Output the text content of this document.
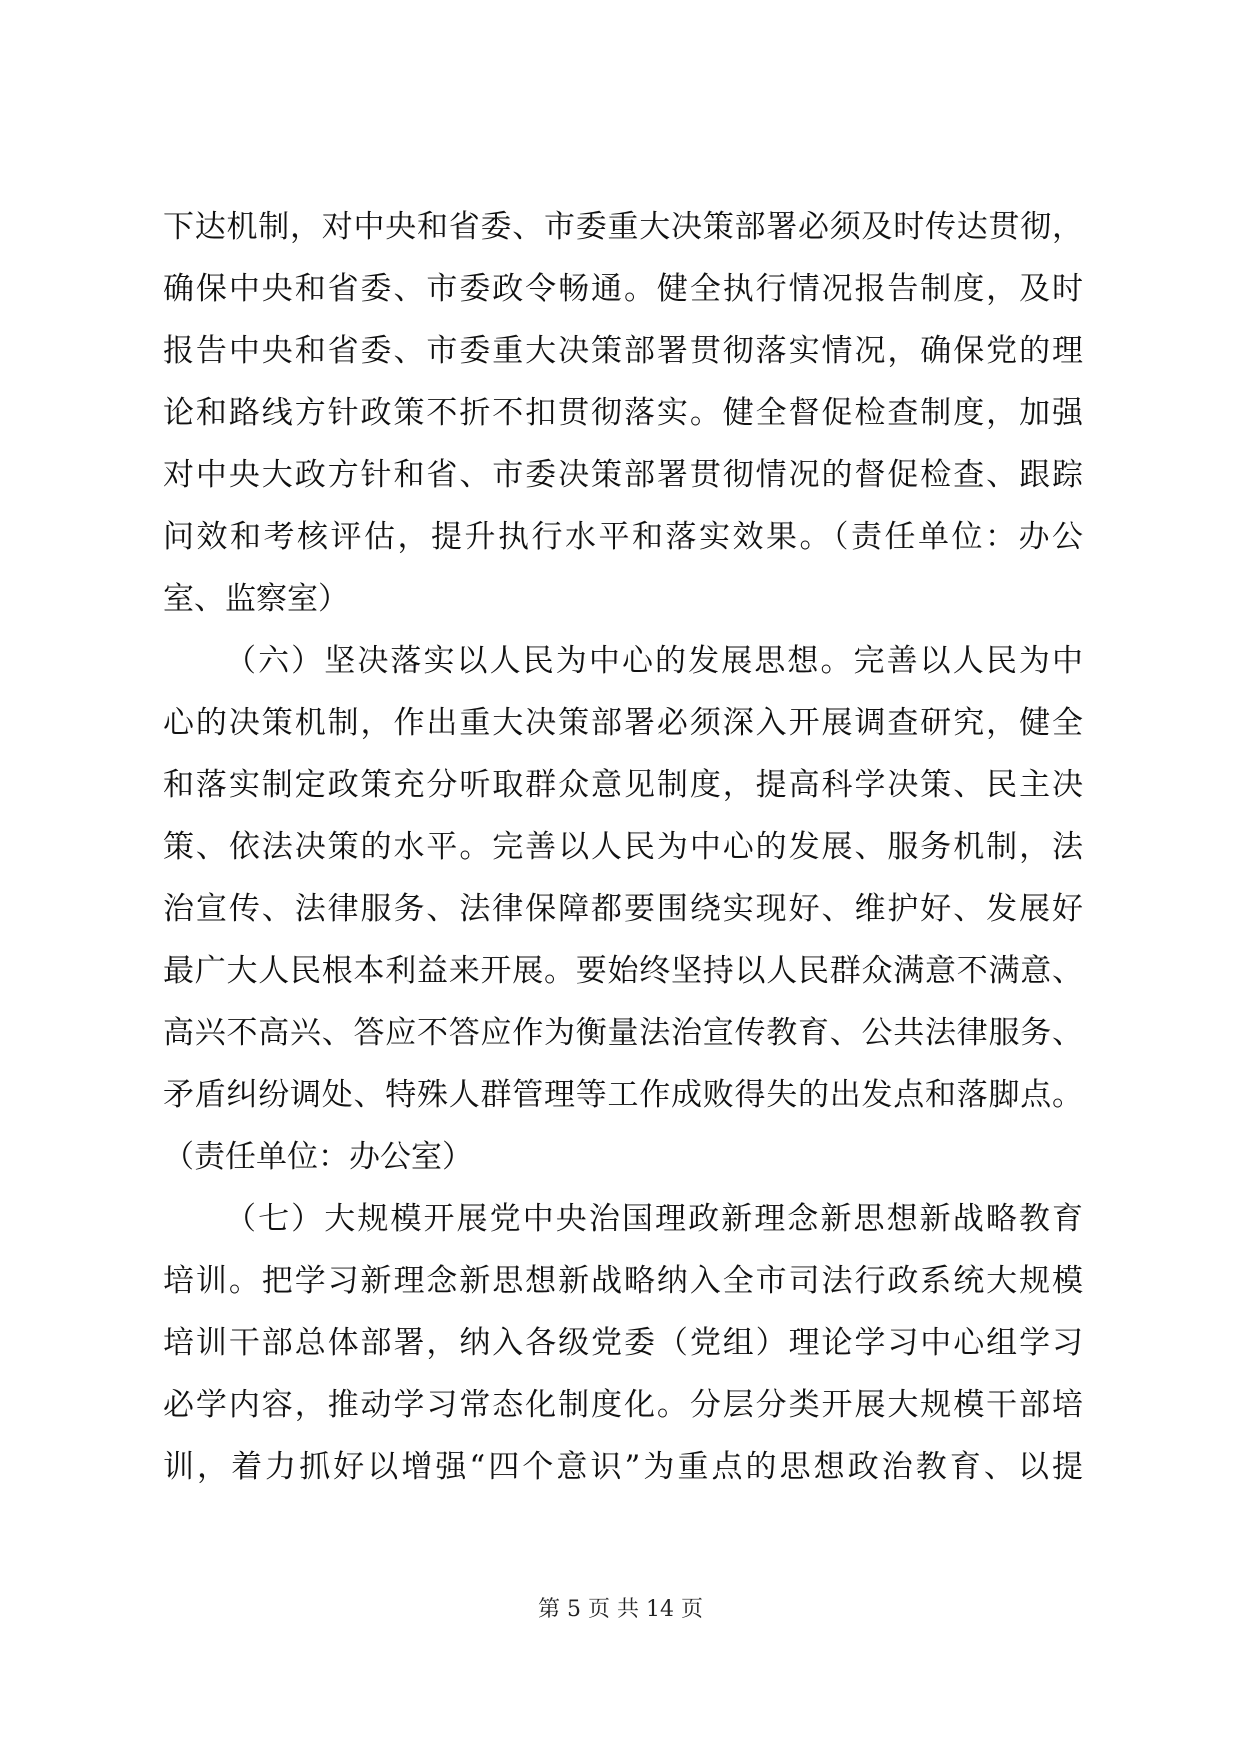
下达机制，对中央和省委、市委重大决策部署必须及时传达贯彻，
确保中央和省委、市委政令畅通。健全执行情况报告制度，及时
报告中央和省委、市委重大决策部署贯彻落实情况，确保党的理
论和路线方针政策不折不扣贯彻落实。健全督促检查制度，加强
对中央大政方针和省、市委决策部署贯彻情况的督促检查、跟踪
问效和考核评估，提升执行水平和落实效果。（责任单位：办公
室、监察室）
（六）坚决落实以人民为中心的发展思想。完善以人民为中
心的决策机制，作出重大决策部署必须深入开展调查研究，健全
和落实制定政策充分听取群众意见制度，提高科学决策、民主决
策、依法决策的水平。完善以人民为中心的发展、服务机制，法
治宣传、法律服务、法律保障都要围绕实现好、维护好、发展好
最广大人民根本利益来开展。要始终坚持以人民群众满意不满意、
高兴不高兴、答应不答应作为衡量法治宣传教育、公共法律服务、
矛盾纠纷调处、特殊人群管理等工作成败得失的出发点和落脚点。
（责任单位：办公室）
（七）大规模开展党中央治国理政新理念新思想新战略教育
培训。把学习新理念新思想新战略纳入全市司法行政系统大规模
培训干部总体部署，纳入各级党委（党组）理论学习中心组学习
必学内容，推动学习常态化制度化。分层分类开展大规模干部培
训，着力抓好以增强“四个意识”为重点的思想政治教育、以提
第 5 页 共 14 页
